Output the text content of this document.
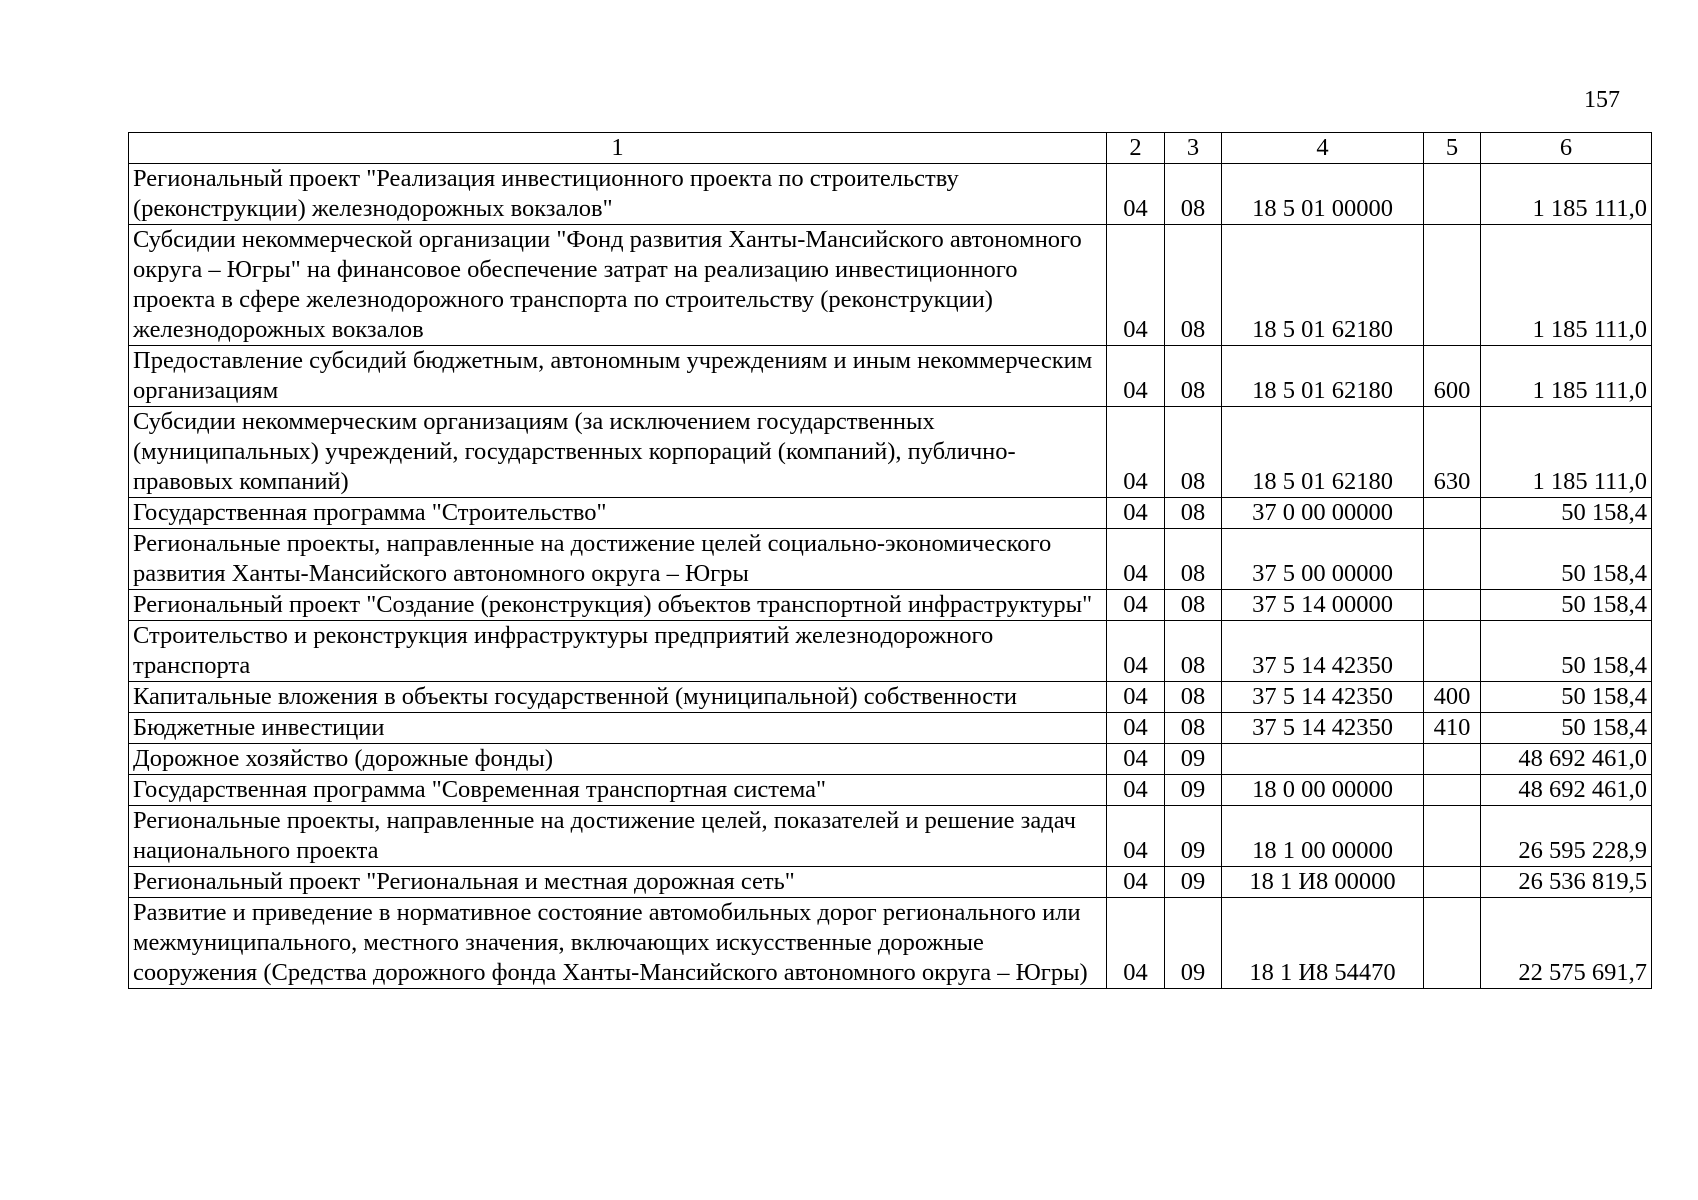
157
1	2	3	4	5	6
Региональный проект "Реализация инвестиционного проекта по строительству (реконструкции) железнодорожных вокзалов"	04	08	18 5 01 00000		1 185 111,0
Субсидии некоммерческой организации "Фонд развития Ханты-Мансийского автономного округа – Югры" на финансовое обеспечение затрат на реализацию инвестиционного проекта в сфере железнодорожного транспорта по строительству (реконструкции) железнодорожных вокзалов	04	08	18 5 01 62180		1 185 111,0
Предоставление субсидий бюджетным, автономным учреждениям и иным некоммерческим организациям	04	08	18 5 01 62180	600	1 185 111,0
Субсидии некоммерческим организациям (за исключением государственных (муниципальных) учреждений, государственных корпораций (компаний), публично-правовых компаний)	04	08	18 5 01 62180	630	1 185 111,0
Государственная программа "Строительство"	04	08	37 0 00 00000		50 158,4
Региональные проекты, направленные на достижение целей социально-экономического развития Ханты-Мансийского автономного округа – Югры	04	08	37 5 00 00000		50 158,4
Региональный проект "Создание (реконструкция) объектов транспортной инфраструктуры"	04	08	37 5 14 00000		50 158,4
Строительство и реконструкция инфраструктуры предприятий железнодорожного транспорта	04	08	37 5 14 42350		50 158,4
Капитальные вложения в объекты государственной (муниципальной) собственности	04	08	37 5 14 42350	400	50 158,4
Бюджетные инвестиции	04	08	37 5 14 42350	410	50 158,4
Дорожное хозяйство (дорожные фонды)	04	09			48 692 461,0
Государственная программа "Современная транспортная система"	04	09	18 0 00 00000		48 692 461,0
Региональные проекты, направленные на достижение целей, показателей и решение задач национального проекта	04	09	18 1 00 00000		26 595 228,9
Региональный проект "Региональная и местная дорожная сеть"	04	09	18 1 И8 00000		26 536 819,5
Развитие и приведение в нормативное состояние автомобильных дорог регионального или межмуниципального, местного значения, включающих искусственные дорожные сооружения (Средства дорожного фонда Ханты-Мансийского автономного округа – Югры)	04	09	18 1 И8 54470		22 575 691,7
